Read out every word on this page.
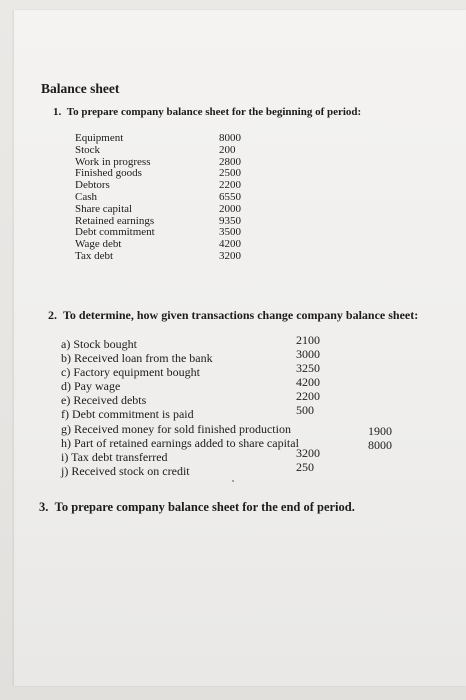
Balance sheet
1. To prepare company balance sheet for the beginning of period:
Equipment
Stock
Work in progress
Finished goods
Debtors
Cash
Share capital
Retained earnings
Debt commitment
Wage debt
Tax debt
8000
200
2800
2500
2200
6550
2000
9350
3500
4200
3200
2. To determine, how given transactions change company balance sheet:
a) Stock bought
b) Received loan from the bank
c) Factory equipment bought
d) Pay wage
e) Received debts
f) Debt commitment is paid
g) Received money for sold finished production
h) Part of retained earnings added to share capital
i) Tax debt transferred
j) Received stock on credit
2100
3000
3250
4200
2200
500

3200
250
1900
8000
3. To prepare company balance sheet for the end of period.
